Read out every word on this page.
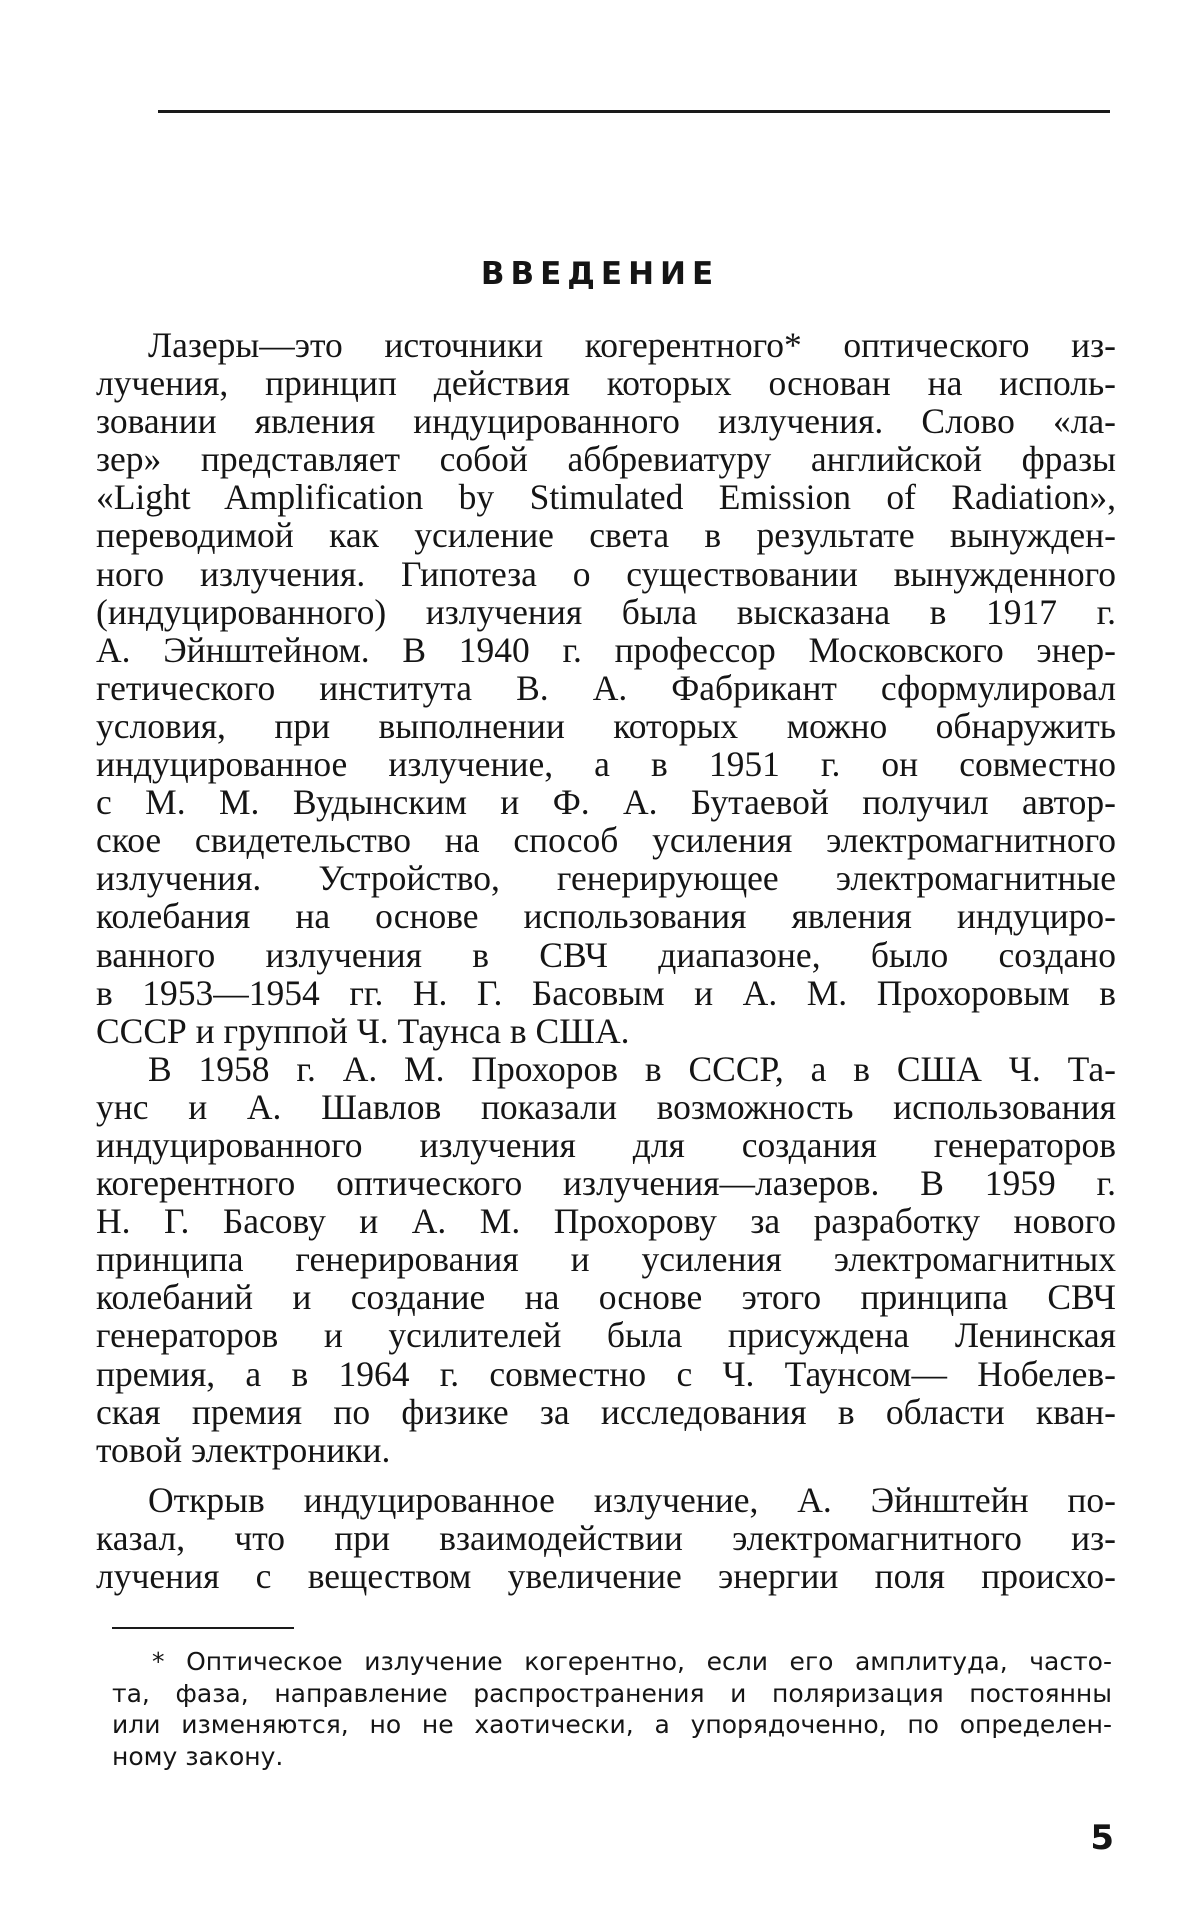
ВВЕДЕНИЕ

Лазеры—это источники когерентного* оптического из-
лучения, принцип действия которых основан на исполь-
зовании явления индуцированного излучения. Слово «ла-
зер» представляет собой аббревиатуру английской фразы
«Light Amplification by Stimulated Emission of Radiation»,
переводимой как усиление света в результате вынужден-
ного излучения. Гипотеза о существовании вынужденного
(индуцированного) излучения была высказана в 1917 г.
А. Эйнштейном. В 1940 г. профессор Московского энер-
гетического института В. А. Фабрикант сформулировал
условия, при выполнении которых можно обнаружить
индуцированное излучение, а в 1951 г. он совместно
с М. М. Вудынским и Ф. А. Бутаевой получил автор-
ское свидетельство на способ усиления электромагнитного
излучения. Устройство, генерирующее электромагнитные
колебания на основе использования явления индуциро-
ванного излучения в СВЧ диапазоне, было создано
в 1953—1954 гг. Н. Г. Басовым и А. М. Прохоровым в
СССР и группой Ч. Таунса в США.

В 1958 г. А. М. Прохоров в СССР, а в США Ч. Та-
унс и А. Шавлов показали возможность использования
индуцированного излучения для создания генераторов
когерентного оптического излучения—лазеров. В 1959 г.
Н. Г. Басову и А. М. Прохорову за разработку нового
принципа генерирования и усиления электромагнитных
колебаний и создание на основе этого принципа СВЧ
генераторов и усилителей была присуждена Ленинская
премия, а в 1964 г. совместно с Ч. Таунсом— Нобелев-
ская премия по физике за исследования в области кван-
товой электроники.

Открыв индуцированное излучение, А. Эйнштейн по-
казал, что при взаимодействии электромагнитного из-
лучения с веществом увеличение энергии поля происхо-

* Оптическое излучение когерентно, если его амплитуда, часто-
та, фаза, направление распространения и поляризация постоянны
или изменяются, но не хаотически, а упорядоченно, по определен-
ному закону.
5
